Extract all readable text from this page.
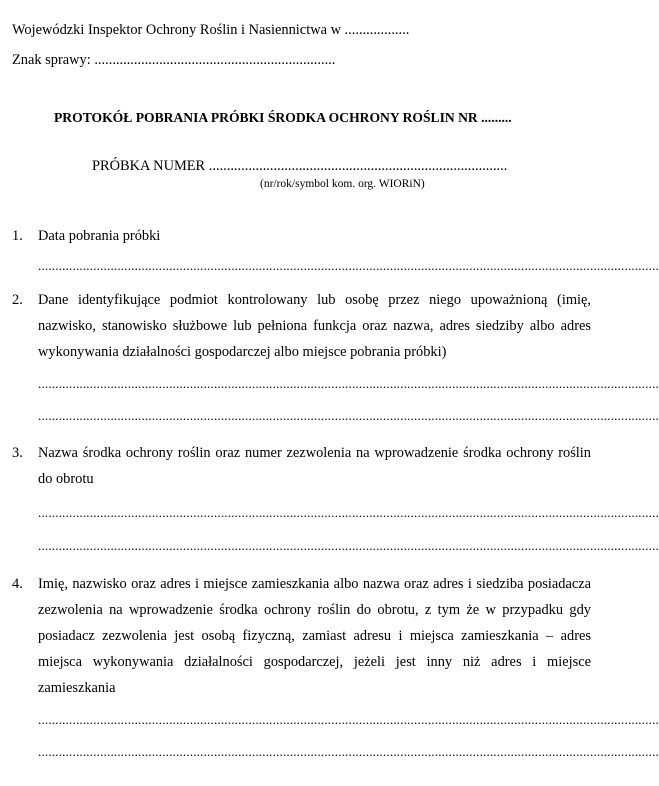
Wojewódzki Inspektor Ochrony Roślin i Nasiennictwa w ..................
Znak sprawy: ...................................................................
PROTOKÓŁ POBRANIA PRÓBKI ŚRODKA OCHRONY ROŚLIN NR .........
PRÓBKA NUMER ...................................................................................
(nr/rok/symbol kom. org. WIORiN)
1. Data pobrania próbki
....................................................................................................................................................................................
2. Dane identyfikujące podmiot kontrolowany lub osobę przez niego upoważnioną (imię,
nazwisko, stanowisko służbowe lub pełniona funkcja oraz nazwa, adres siedziby albo adres
wykonywania działalności gospodarczej albo miejsce pobrania próbki)
....................................................................................................................................................................................
....................................................................................................................................................................................
3. Nazwa środka ochrony roślin oraz numer zezwolenia na wprowadzenie środka ochrony roślin
do obrotu
....................................................................................................................................................................................
....................................................................................................................................................................................
4. Imię, nazwisko oraz adres i miejsce zamieszkania albo nazwa oraz adres i siedziba posiadacza
zezwolenia na wprowadzenie środka ochrony roślin do obrotu, z tym że w przypadku gdy
posiadacz zezwolenia jest osobą fizyczną, zamiast adresu i miejsca zamieszkania – adres
miejsca wykonywania działalności gospodarczej, jeżeli jest inny niż adres i miejsce
zamieszkania
....................................................................................................................................................................................
....................................................................................................................................................................................
